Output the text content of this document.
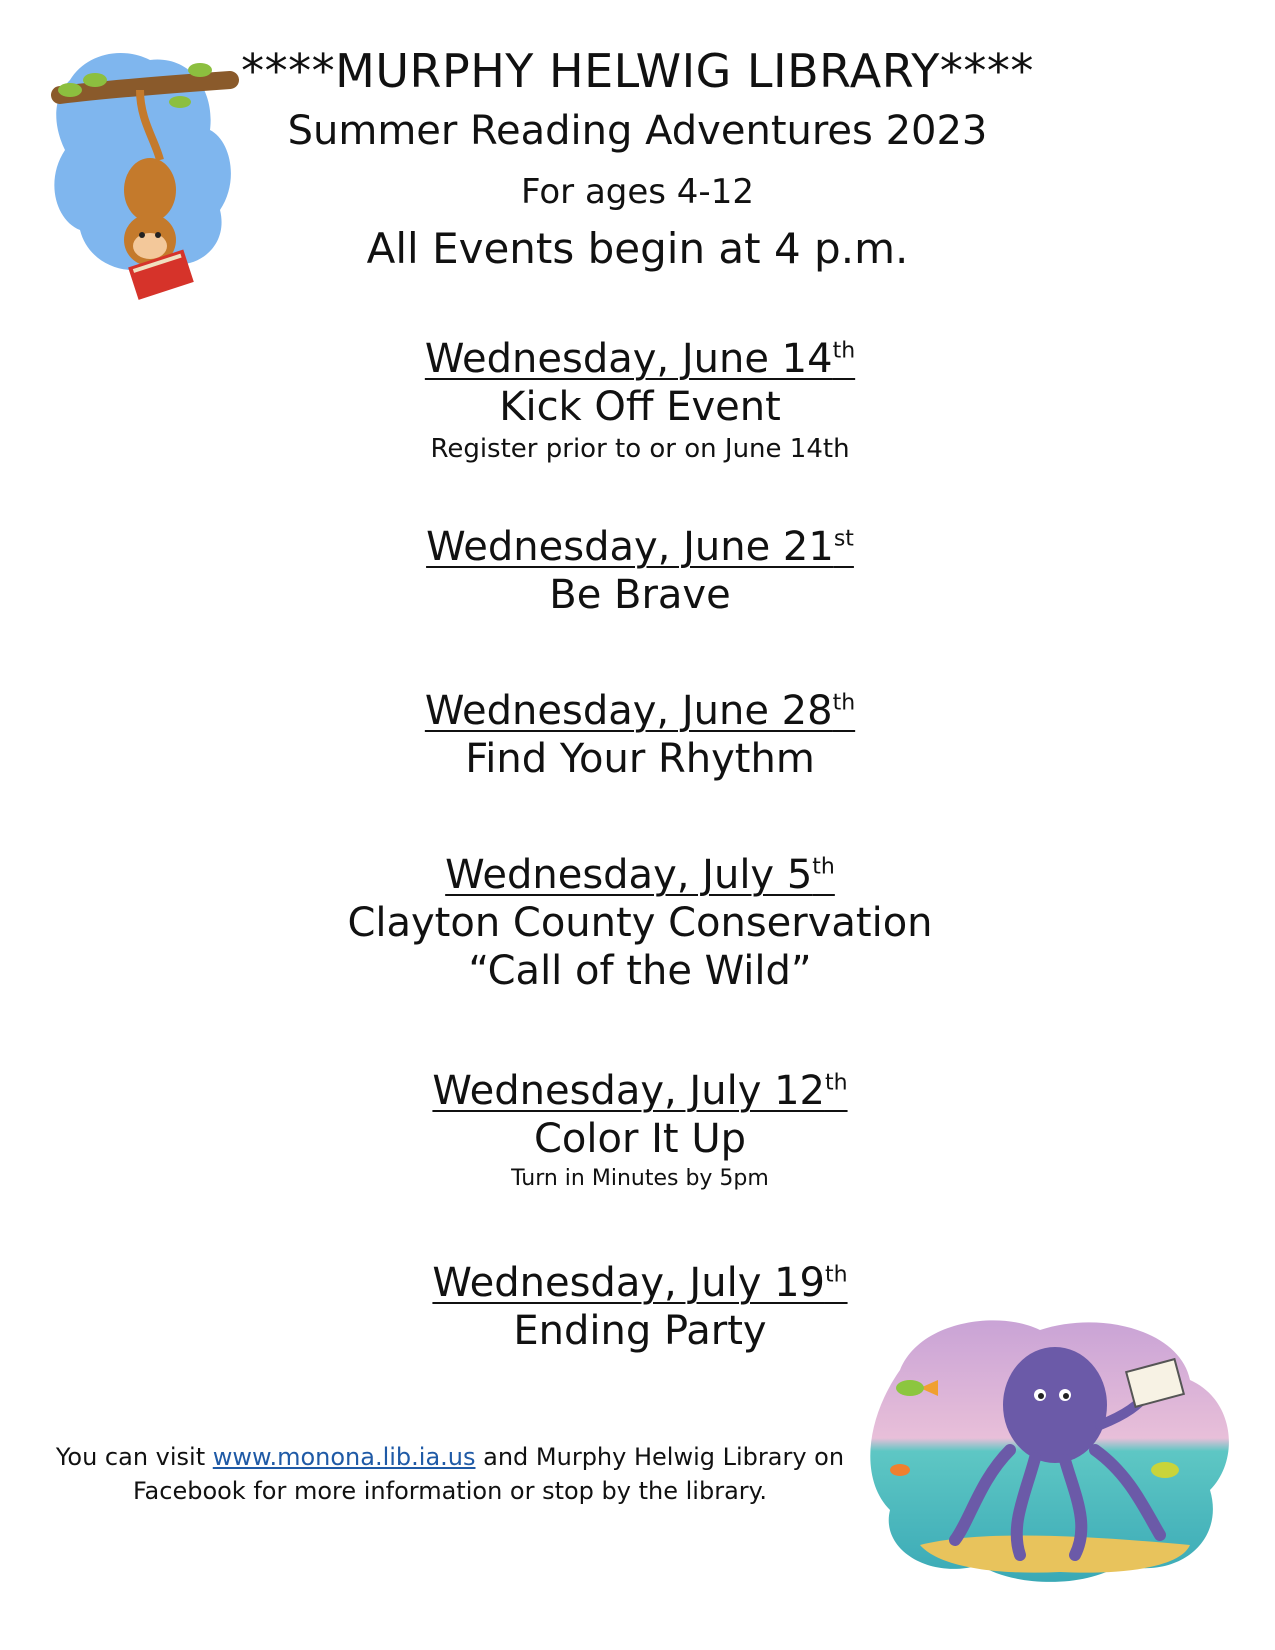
****MURPHY HELWIG LIBRARY****
Summer Reading Adventures 2023
For ages 4-12
All Events begin at 4 p.m.
Wednesday, June 14th
Kick Off Event
Register prior to or on June 14th
Wednesday, June 21st
Be Brave
Wednesday, June 28th
Find Your Rhythm
Wednesday, July 5th
Clayton County Conservation
“Call of the Wild”
Wednesday, July 12th
Color It Up
Turn in Minutes by 5pm
Wednesday, July 19th
Ending Party
You can visit www.monona.lib.ia.us and Murphy Helwig Library on
Facebook for more information or stop by the library.
